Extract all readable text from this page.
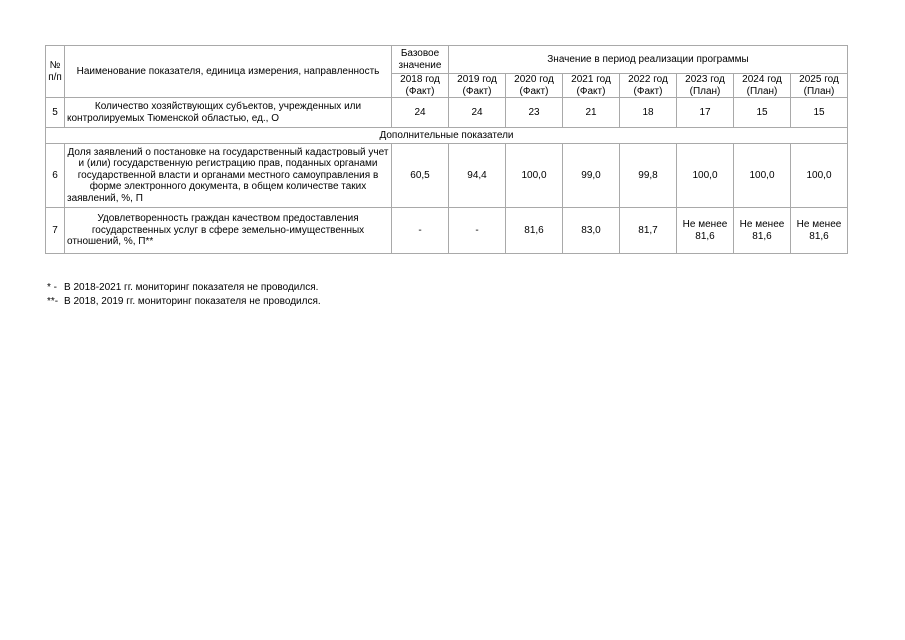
№ п/п	Наименование показателя, единица измерения, направленность	Базовое значение	Значение в период реализации программы						
		2018 год (Факт)	2019 год (Факт)	2020 год (Факт)	2021 год (Факт)	2022 год (Факт)	2023 год (План)	2024 год (План)	2025 год (План)
5	Количество хозяйствующих субъектов, учрежденных или контролируемых Тюменской областью, ед., О	24	24	23	21	18	17	15	15
Дополнительные показатели									
6	Доля заявлений о постановке на государственный кадастровый учет и (или) государственную регистрацию прав, поданных органами государственной власти и органами местного самоуправления в форме электронного документа, в общем количестве таких заявлений, %, П	60,5	94,4	100,0	99,0	99,8	100,0	100,0	100,0
7	Удовлетворенность граждан качеством предоставления государственных услуг в сфере земельно-имущественных отношений, %, П**	-	-	81,6	83,0	81,7	Не менее 81,6	Не менее 81,6	Не менее 81,6
* - В 2018-2021 гг. мониторинг показателя не проводился.
**- В 2018, 2019 гг. мониторинг показателя не проводился.
